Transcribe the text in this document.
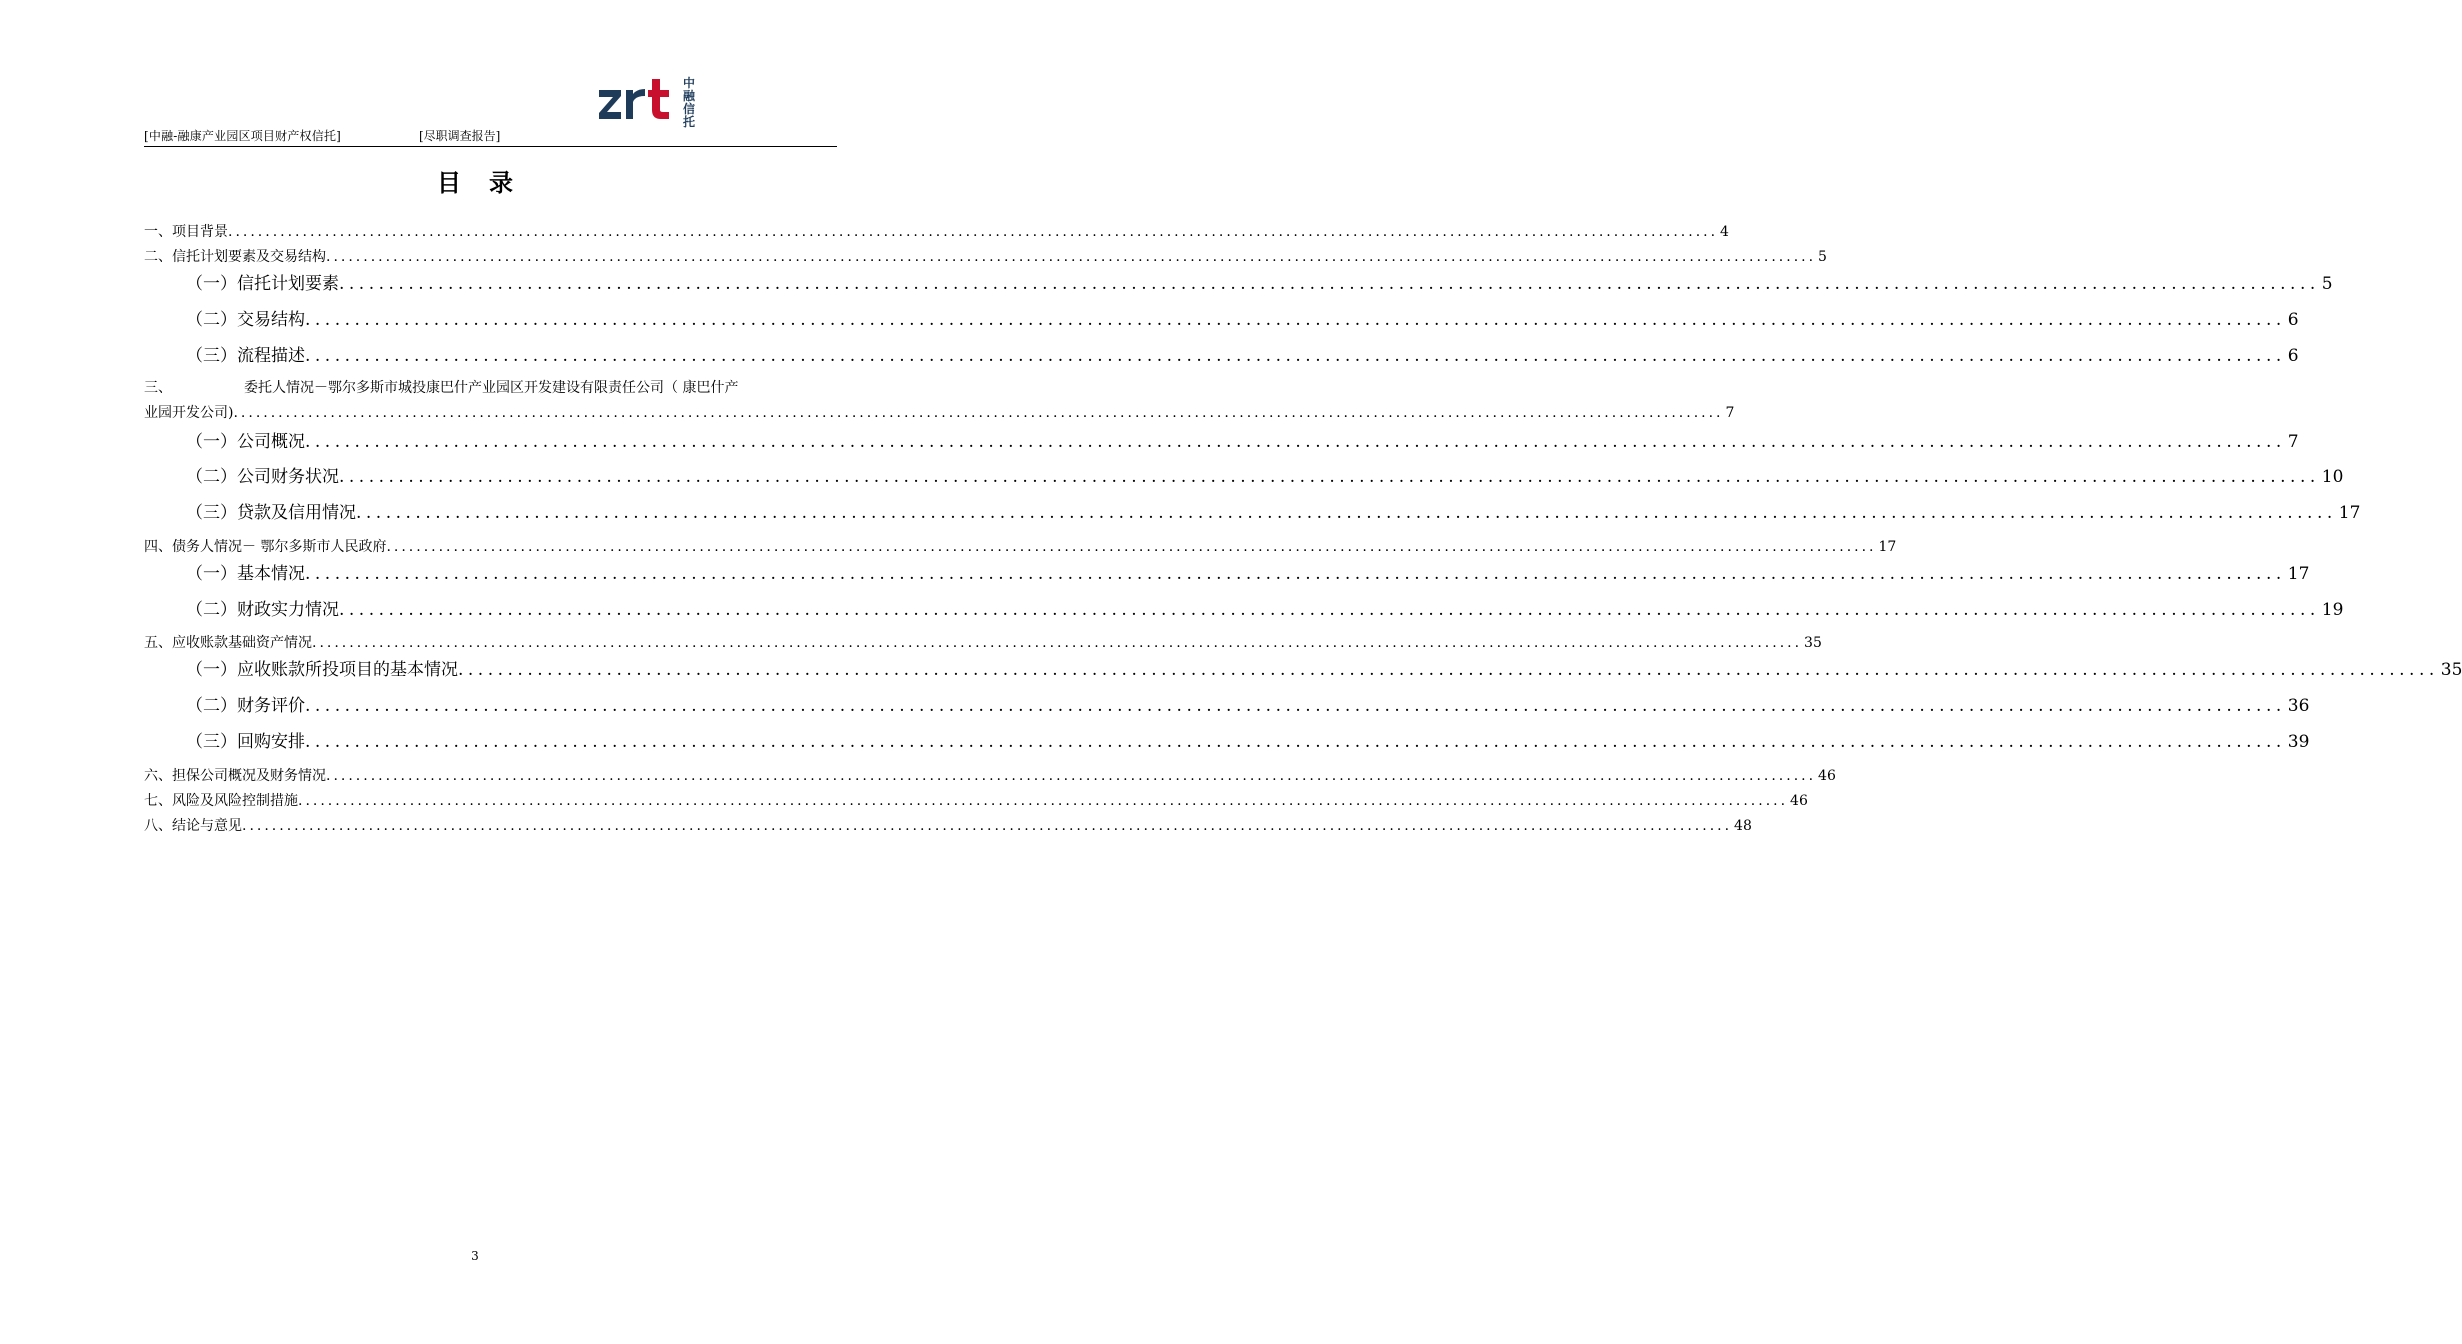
中
融
信
托
[中融-融康产业园区项目财产权信托]	[尽职调查报告]
目录
一、 项目背景 ........................................................................................................................................................................................................ 4
二、 信托计划要素及交易结构 ........................................................................................................................................................................................................ 5
（一）信托计划要素 ........................................................................................................................................................................................................ 5
（二）交易结构 ........................................................................................................................................................................................................ 6
（三）流程描述 ........................................................................................................................................................................................................ 6
三、	委托人情况－鄂尔多斯市城投康巴什产业园区开发建设有限责任公司（ 康巴什产
业园开发公司) ........................................................................................................................................................................................................ 7
（一）公司概况 ........................................................................................................................................................................................................ 7
（二）公司财务状况 ........................................................................................................................................................................................................ 10
（三）贷款及信用情况 ........................................................................................................................................................................................................ 17
四、 债务人情况－ 鄂尔多斯市人民政府 ........................................................................................................................................................................................................ 17
（一）基本情况 ........................................................................................................................................................................................................ 17
（二）财政实力情况 ........................................................................................................................................................................................................ 19
五、 应收账款基础资产情况 ........................................................................................................................................................................................................ 35
（一）应收账款所投项目的基本情况 ........................................................................................................................................................................................................ 35
（二）财务评价 ........................................................................................................................................................................................................ 36
（三）回购安排 ........................................................................................................................................................................................................ 39
六、 担保公司概况及财务情况 ........................................................................................................................................................................................................ 46
七、 风险及风险控制措施 ........................................................................................................................................................................................................ 46
八、 结论与意见 ........................................................................................................................................................................................................ 48
3
